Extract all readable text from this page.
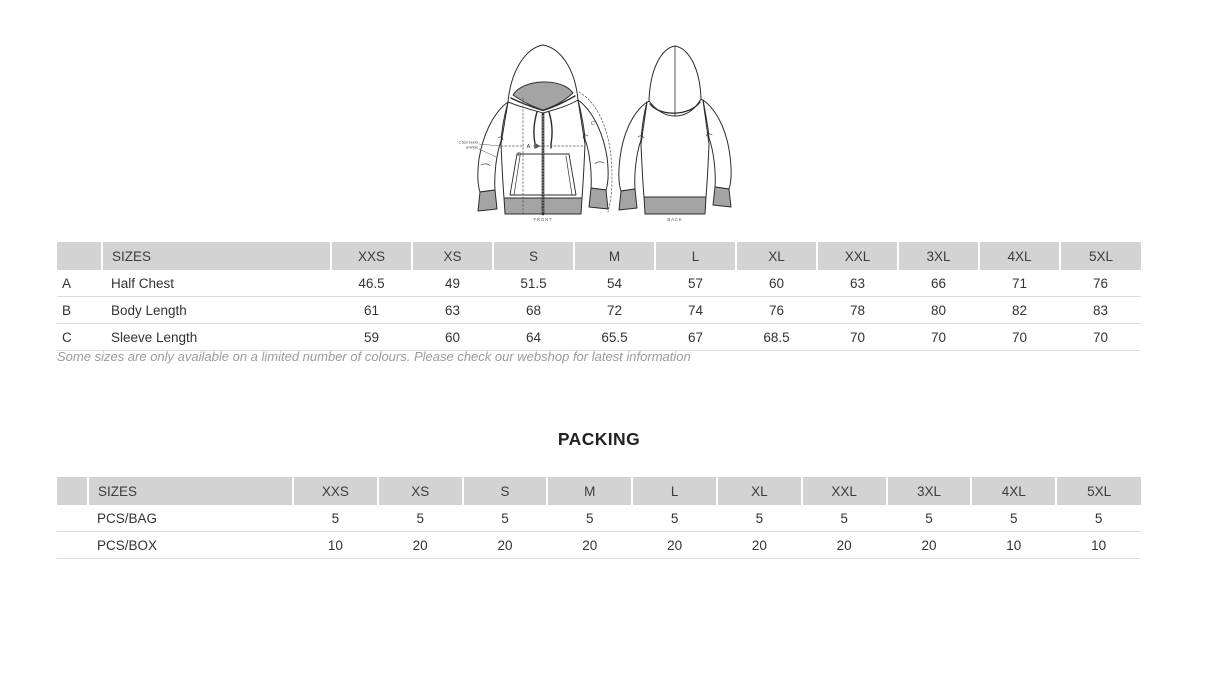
A
B
C
2.5cm below
armhole
FRONT	BACK
	SIZES	XXS	XS	S	M	L	XL	XXL	3XL	4XL	5XL
A	Half Chest	46.5	49	51.5	54	57	60	63	66	71	76
B	Body Length	61	63	68	72	74	76	78	80	82	83
C	Sleeve Length	59	60	64	65.5	67	68.5	70	70	70	70
Some sizes are only available on a limited number of colours. Please check our webshop for latest information
PACKING
	SIZES	XXS	XS	S	M	L	XL	XXL	3XL	4XL	5XL
	PCS/BAG	5	5	5	5	5	5	5	5	5	5
	PCS/BOX	10	20	20	20	20	20	20	20	10	10
